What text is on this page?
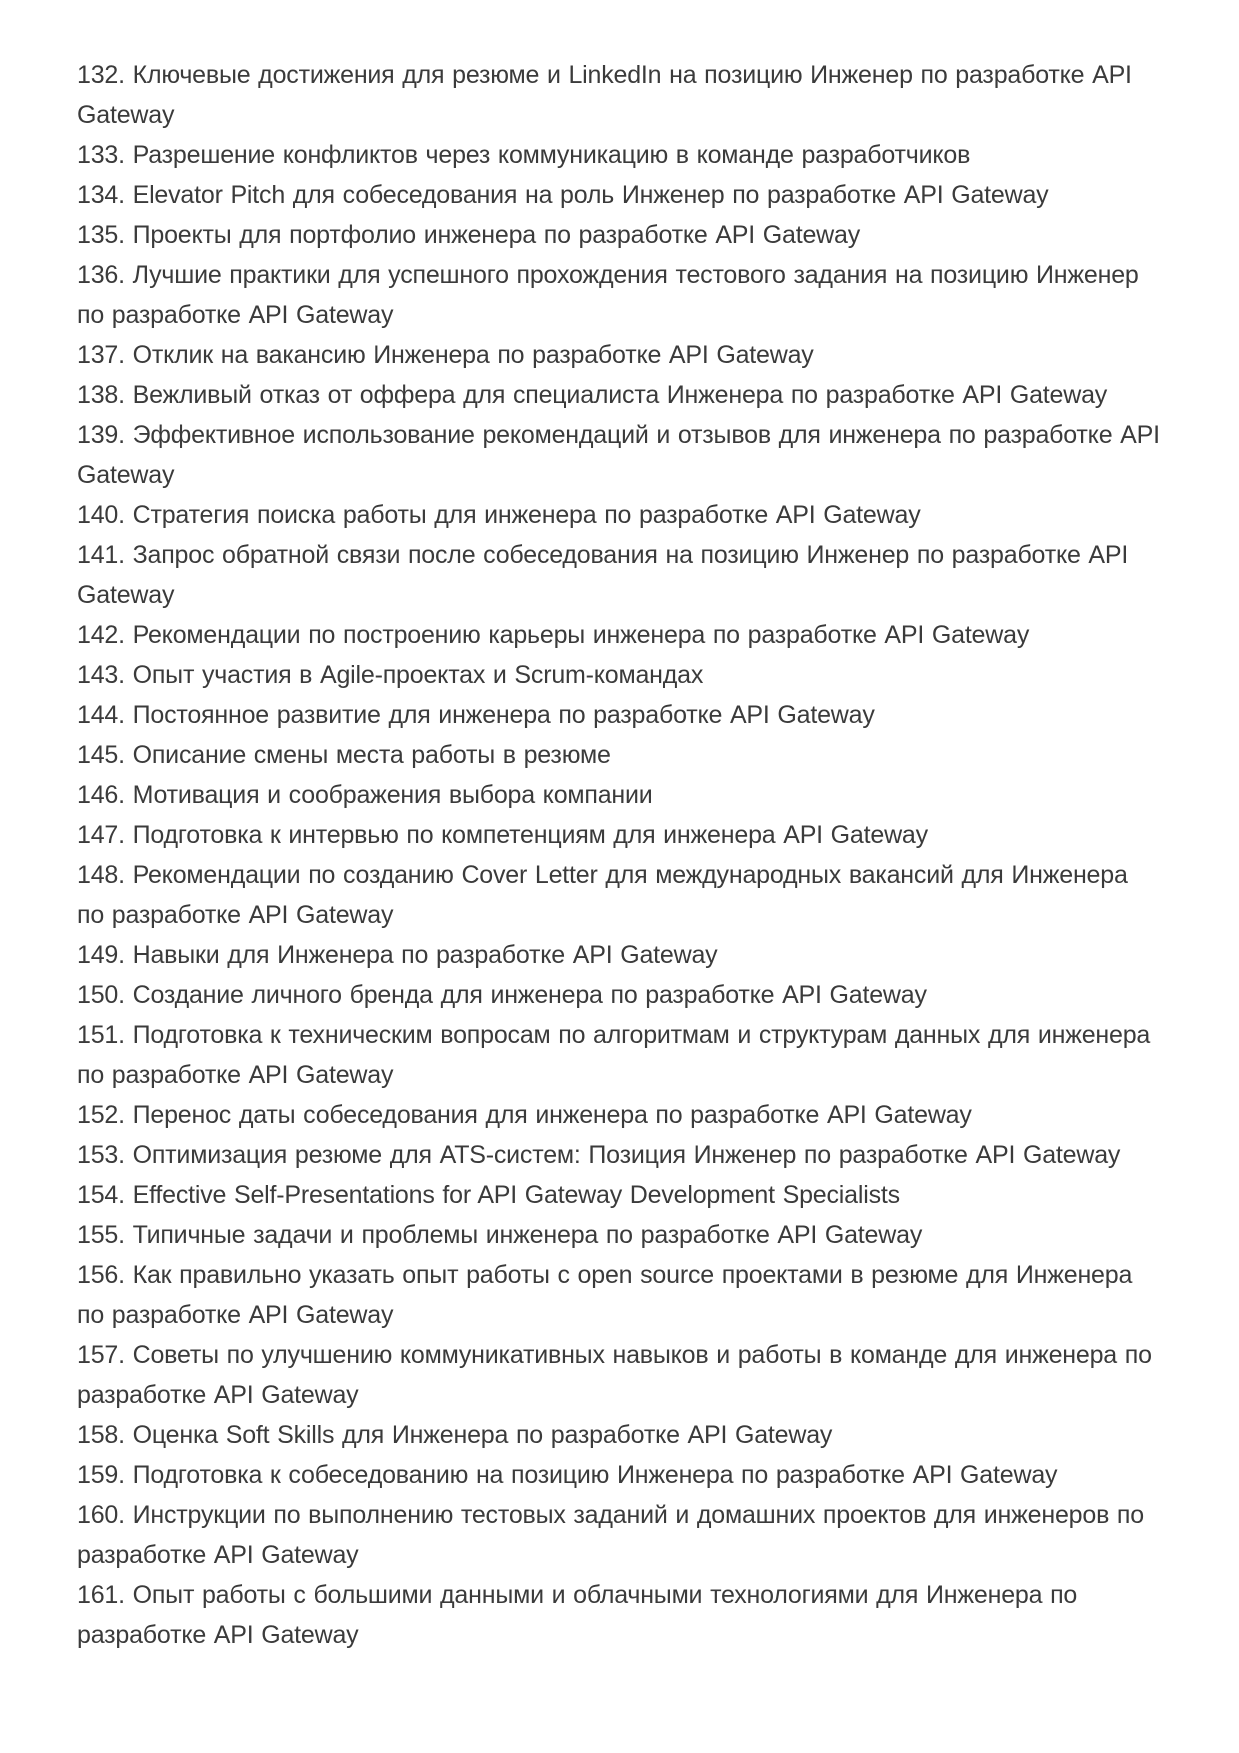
132. Ключевые достижения для резюме и LinkedIn на позицию Инженер по разработке API Gateway
133. Разрешение конфликтов через коммуникацию в команде разработчиков
134. Elevator Pitch для собеседования на роль Инженер по разработке API Gateway
135. Проекты для портфолио инженера по разработке API Gateway
136. Лучшие практики для успешного прохождения тестового задания на позицию Инженер по разработке API Gateway
137. Отклик на вакансию Инженера по разработке API Gateway
138. Вежливый отказ от оффера для специалиста Инженера по разработке API Gateway
139. Эффективное использование рекомендаций и отзывов для инженера по разработке API Gateway
140. Стратегия поиска работы для инженера по разработке API Gateway
141. Запрос обратной связи после собеседования на позицию Инженер по разработке API Gateway
142. Рекомендации по построению карьеры инженера по разработке API Gateway
143. Опыт участия в Agile-проектах и Scrum-командах
144. Постоянное развитие для инженера по разработке API Gateway
145. Описание смены места работы в резюме
146. Мотивация и соображения выбора компании
147. Подготовка к интервью по компетенциям для инженера API Gateway
148. Рекомендации по созданию Cover Letter для международных вакансий для Инженера по разработке API Gateway
149. Навыки для Инженера по разработке API Gateway
150. Создание личного бренда для инженера по разработке API Gateway
151. Подготовка к техническим вопросам по алгоритмам и структурам данных для инженера по разработке API Gateway
152. Перенос даты собеседования для инженера по разработке API Gateway
153. Оптимизация резюме для ATS-систем: Позиция Инженер по разработке API Gateway
154. Effective Self-Presentations for API Gateway Development Specialists
155. Типичные задачи и проблемы инженера по разработке API Gateway
156. Как правильно указать опыт работы с open source проектами в резюме для Инженера по разработке API Gateway
157. Советы по улучшению коммуникативных навыков и работы в команде для инженера по разработке API Gateway
158. Оценка Soft Skills для Инженера по разработке API Gateway
159. Подготовка к собеседованию на позицию Инженера по разработке API Gateway
160. Инструкции по выполнению тестовых заданий и домашних проектов для инженеров по разработке API Gateway
161. Опыт работы с большими данными и облачными технологиями для Инженера по разработке API Gateway
